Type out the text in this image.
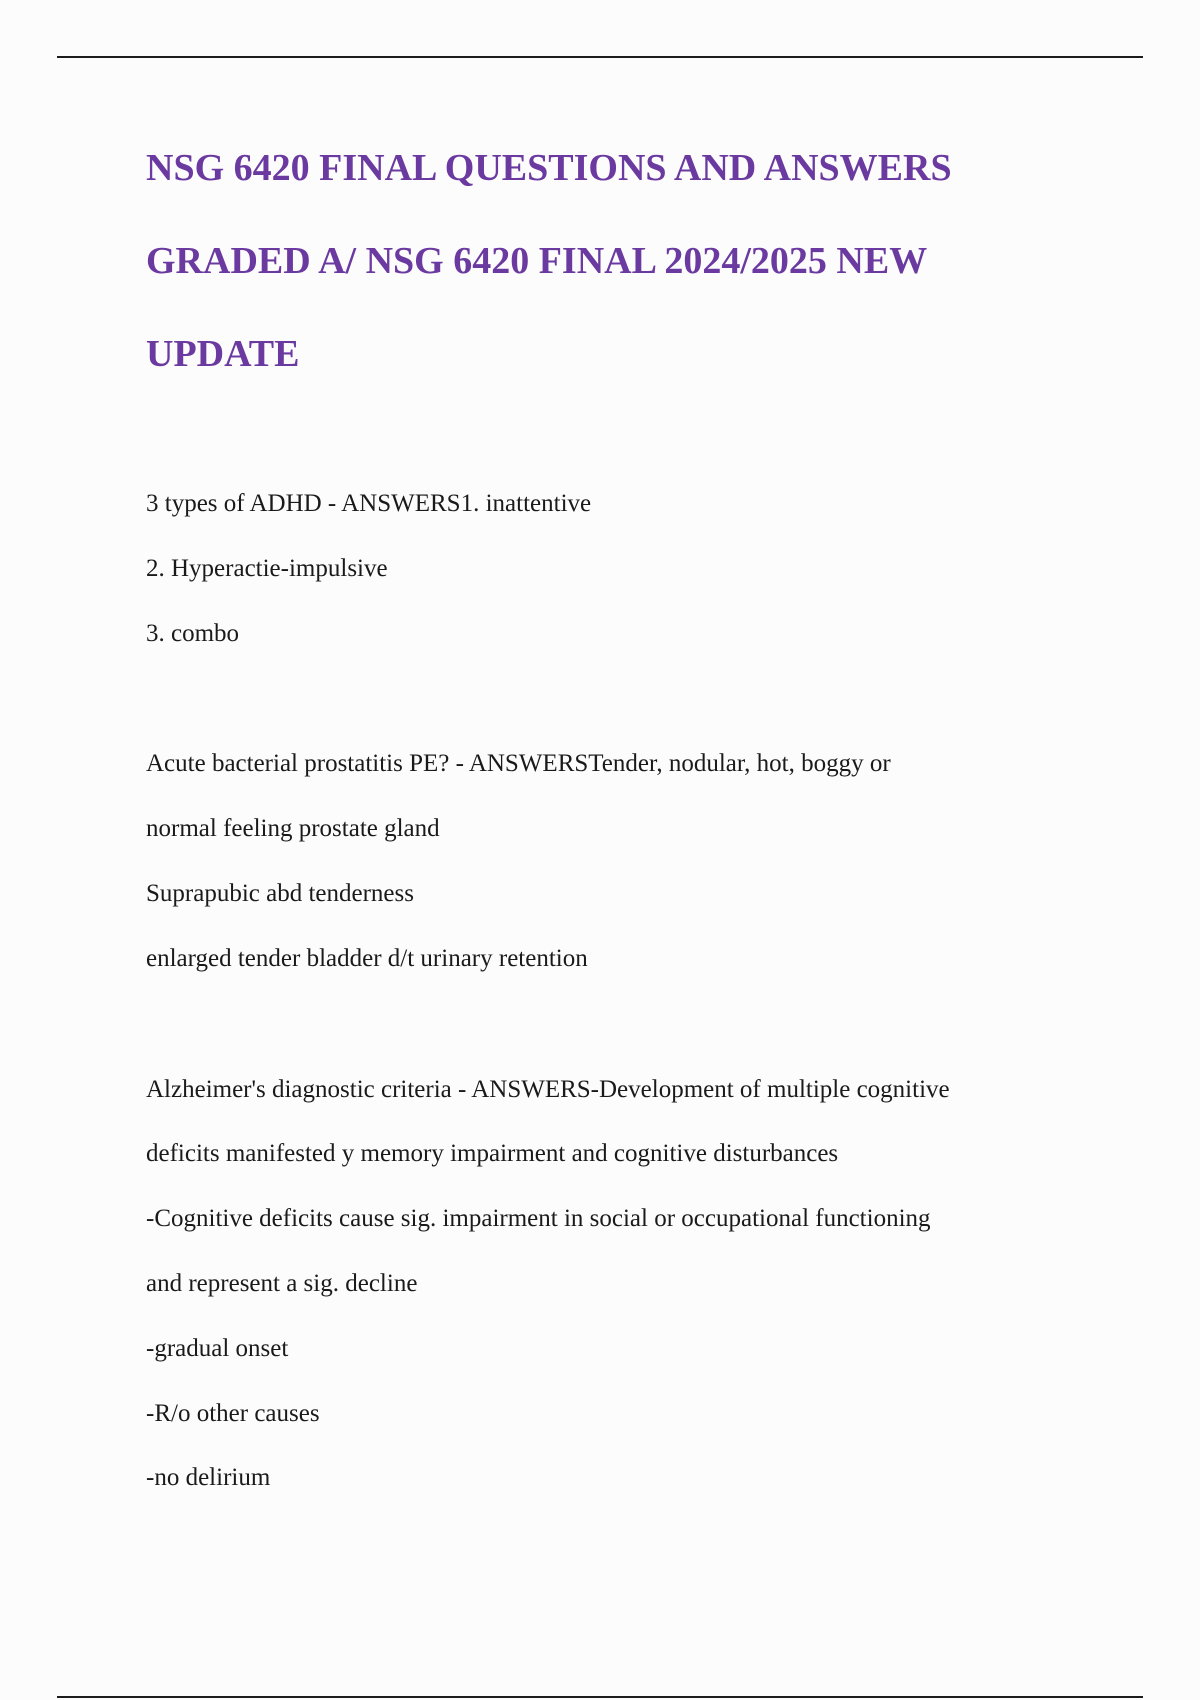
NSG 6420 FINAL QUESTIONS AND ANSWERS
GRADED A/ NSG 6420 FINAL 2024/2025 NEW
UPDATE
3 types of ADHD - ANSWERS1. inattentive
2. Hyperactie-impulsive
3. combo
Acute bacterial prostatitis PE? - ANSWERSTender, nodular, hot, boggy or
normal feeling prostate gland
Suprapubic abd tenderness
enlarged tender bladder d/t urinary retention
Alzheimer's diagnostic criteria - ANSWERS-Development of multiple cognitive
deficits manifested y memory impairment and cognitive disturbances
-Cognitive deficits cause sig. impairment in social or occupational functioning
and represent a sig. decline
-gradual onset
-R/o other causes
-no delirium
